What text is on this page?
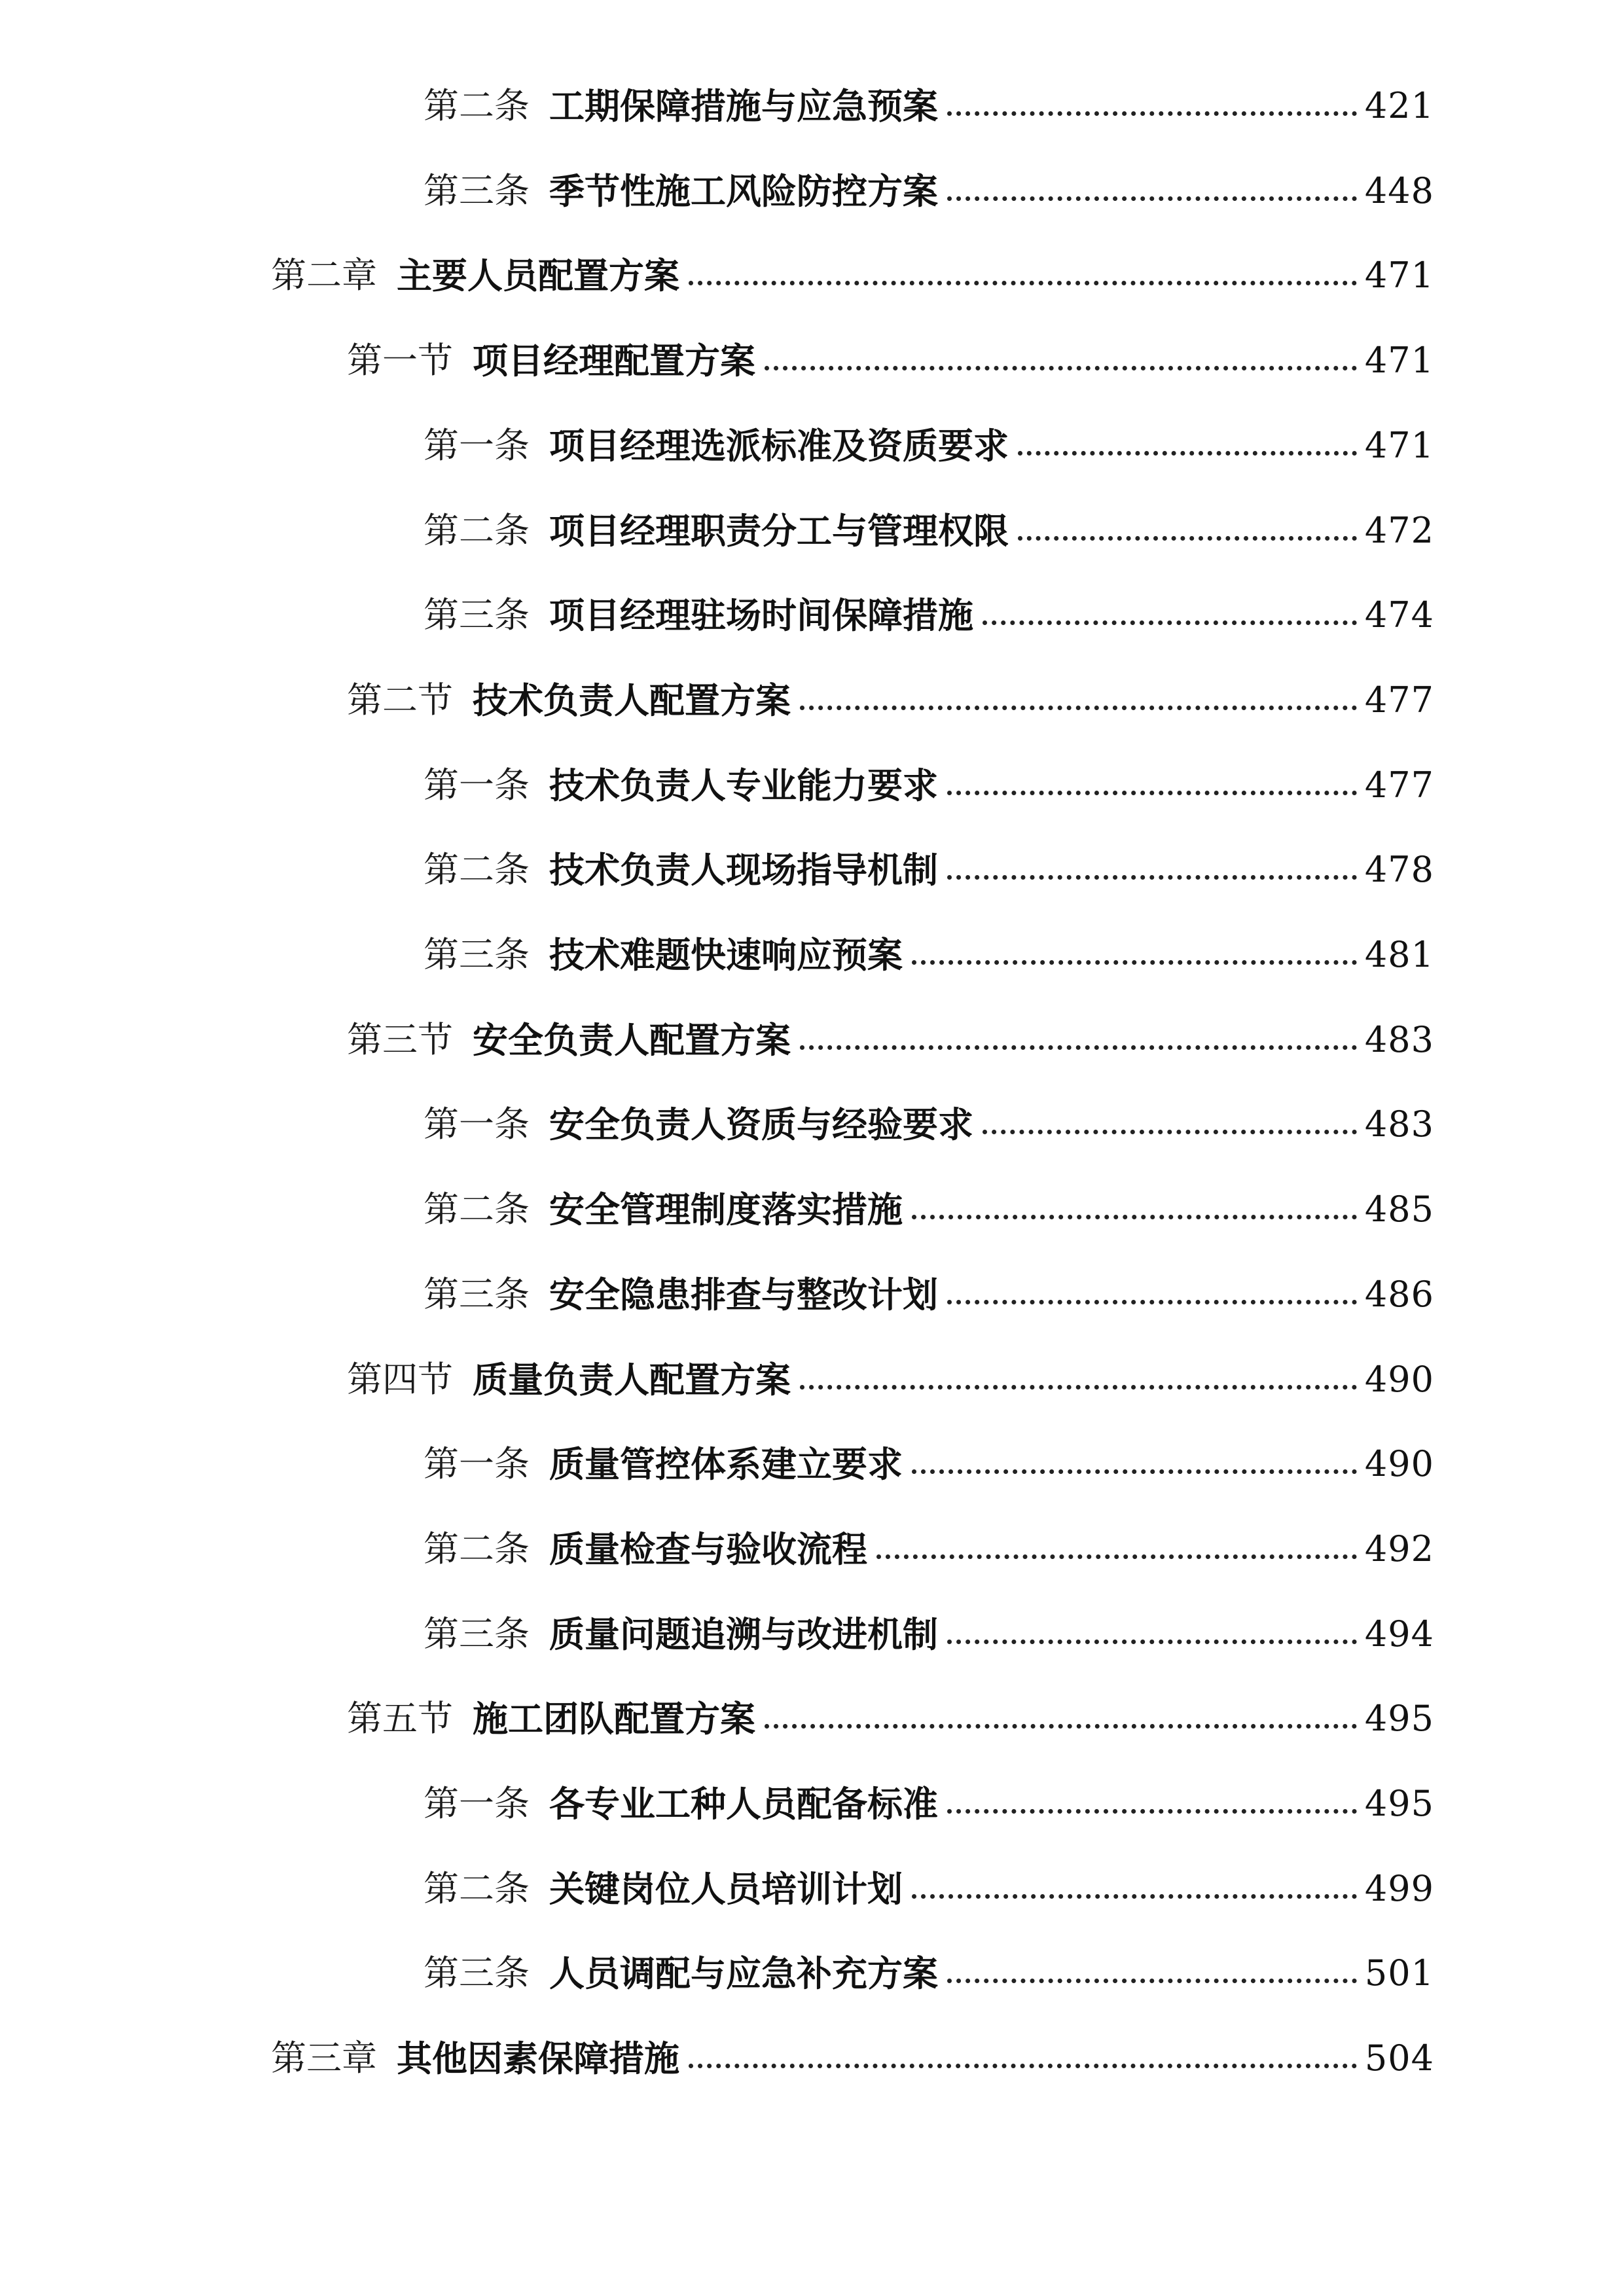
第二条 工期保障措施与应急预案	421
第三条 季节性施工风险防控方案	448
第二章 主要人员配置方案	471
第一节 项目经理配置方案	471
第一条 项目经理选派标准及资质要求	471
第二条 项目经理职责分工与管理权限	472
第三条 项目经理驻场时间保障措施	474
第二节 技术负责人配置方案	477
第一条 技术负责人专业能力要求	477
第二条 技术负责人现场指导机制	478
第三条 技术难题快速响应预案	481
第三节 安全负责人配置方案	483
第一条 安全负责人资质与经验要求	483
第二条 安全管理制度落实措施	485
第三条 安全隐患排查与整改计划	486
第四节 质量负责人配置方案	490
第一条 质量管控体系建立要求	490
第二条 质量检查与验收流程	492
第三条 质量问题追溯与改进机制	494
第五节 施工团队配置方案	495
第一条 各专业工种人员配备标准	495
第二条 关键岗位人员培训计划	499
第三条 人员调配与应急补充方案	501
第三章 其他因素保障措施	504
